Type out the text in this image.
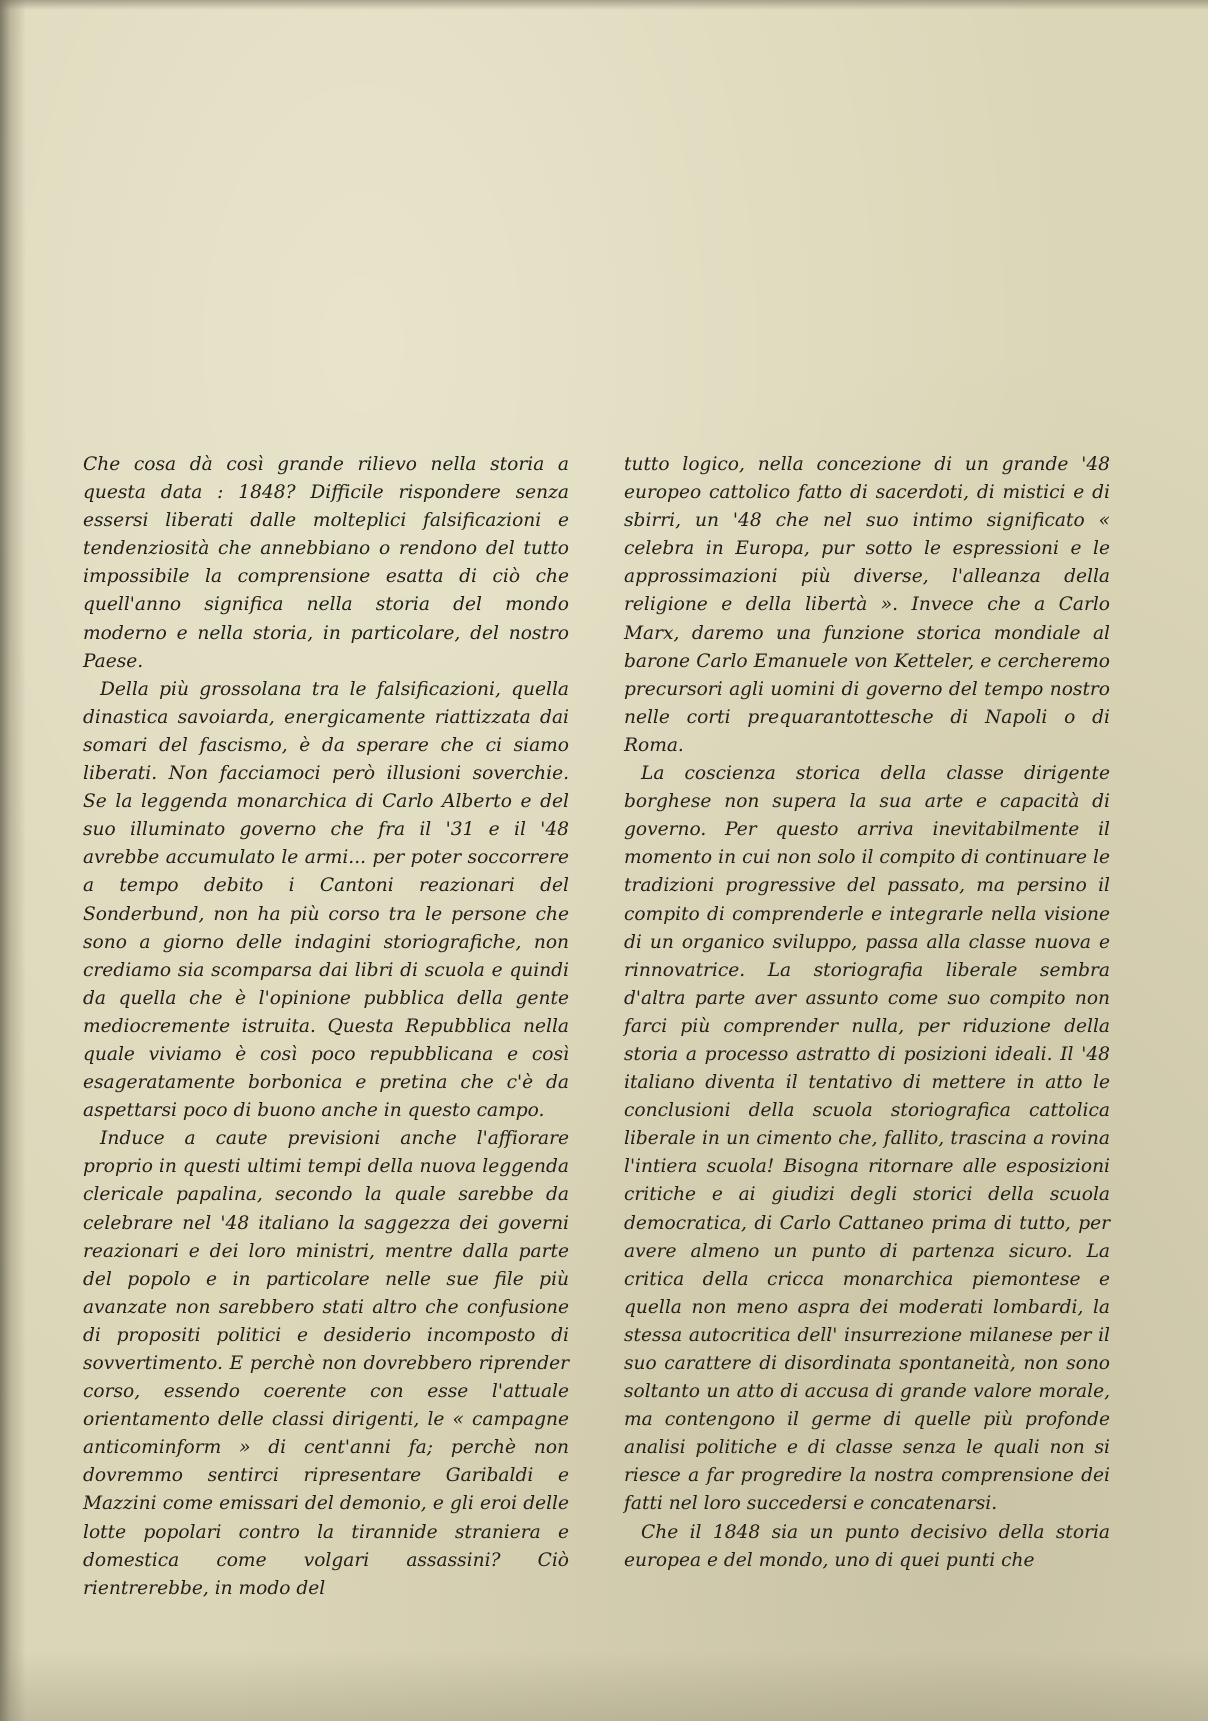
Che cosa dà così grande rilievo nella storia a questa data : 1848? Difficile rispondere senza essersi liberati dalle molteplici falsificazioni e tendenziosità che annebbiano o rendono del tutto impossibile la comprensione esatta di ciò che quell'anno significa nella storia del mondo moderno e nella storia, in particolare, del nostro Paese.

Della più grossolana tra le falsificazioni, quella dinastica savoiarda, energicamente riattizzata dai somari del fascismo, è da sperare che ci siamo liberati. Non facciamoci però illusioni soverchie. Se la leggenda monarchica di Carlo Alberto e del suo illuminato governo che fra il '31 e il '48 avrebbe accumulato le armi... per poter soccorrere a tempo debito i Cantoni reazionari del Sonderbund, non ha più corso tra le persone che sono a giorno delle indagini storiografiche, non crediamo sia scomparsa dai libri di scuola e quindi da quella che è l'opinione pubblica della gente mediocremente istruita. Questa Repubblica nella quale viviamo è così poco repubblicana e così esageratamente borbonica e pretina che c'è da aspettarsi poco di buono anche in questo campo.

Induce a caute previsioni anche l'affiorare proprio in questi ultimi tempi della nuova leggenda clericale papalina, secondo la quale sarebbe da celebrare nel '48 italiano la saggezza dei governi reazionari e dei loro ministri, mentre dalla parte del popolo e in particolare nelle sue file più avanzate non sarebbero stati altro che confusione di propositi politici e desiderio incomposto di sovvertimento. E perchè non dovrebbero riprender corso, essendo coerente con esse l'attuale orientamento delle classi dirigenti, le « campagne anticominform » di cent'anni fa; perchè non dovremmo sentirci ripresentare Garibaldi e Mazzini come emissari del demonio, e gli eroi delle lotte popolari contro la tirannide straniera e domestica come volgari assassini? Ciò rientrerebbe, in modo del

tutto logico, nella concezione di un grande '48 europeo cattolico fatto di sacerdoti, di mistici e di sbirri, un '48 che nel suo intimo significato « celebra in Europa, pur sotto le espressioni e le approssimazioni più diverse, l'alleanza della religione e della libertà ». Invece che a Carlo Marx, daremo una funzione storica mondiale al barone Carlo Emanuele von Ketteler, e cercheremo precursori agli uomini di governo del tempo nostro nelle corti prequarantottesche di Napoli o di Roma.

La coscienza storica della classe dirigente borghese non supera la sua arte e capacità di governo. Per questo arriva inevitabilmente il momento in cui non solo il compito di continuare le tradizioni progressive del passato, ma persino il compito di comprenderle e integrarle nella visione di un organico sviluppo, passa alla classe nuova e rinnovatrice. La storiografia liberale sembra d'altra parte aver assunto come suo compito non farci più comprender nulla, per riduzione della storia a processo astratto di posizioni ideali. Il '48 italiano diventa il tentativo di mettere in atto le conclusioni della scuola storiografica cattolica liberale in un cimento che, fallito, trascina a rovina l'intiera scuola! Bisogna ritornare alle esposizioni critiche e ai giudizi degli storici della scuola democratica, di Carlo Cattaneo prima di tutto, per avere almeno un punto di partenza sicuro. La critica della cricca monarchica piemontese e quella non meno aspra dei moderati lombardi, la stessa autocritica dell' insurrezione milanese per il suo carattere di disordinata spontaneità, non sono soltanto un atto di accusa di grande valore morale, ma contengono il germe di quelle più profonde analisi politiche e di classe senza le quali non si riesce a far progredire la nostra comprensione dei fatti nel loro succedersi e concatenarsi.

Che il 1848 sia un punto decisivo della storia europea e del mondo, uno di quei punti che
